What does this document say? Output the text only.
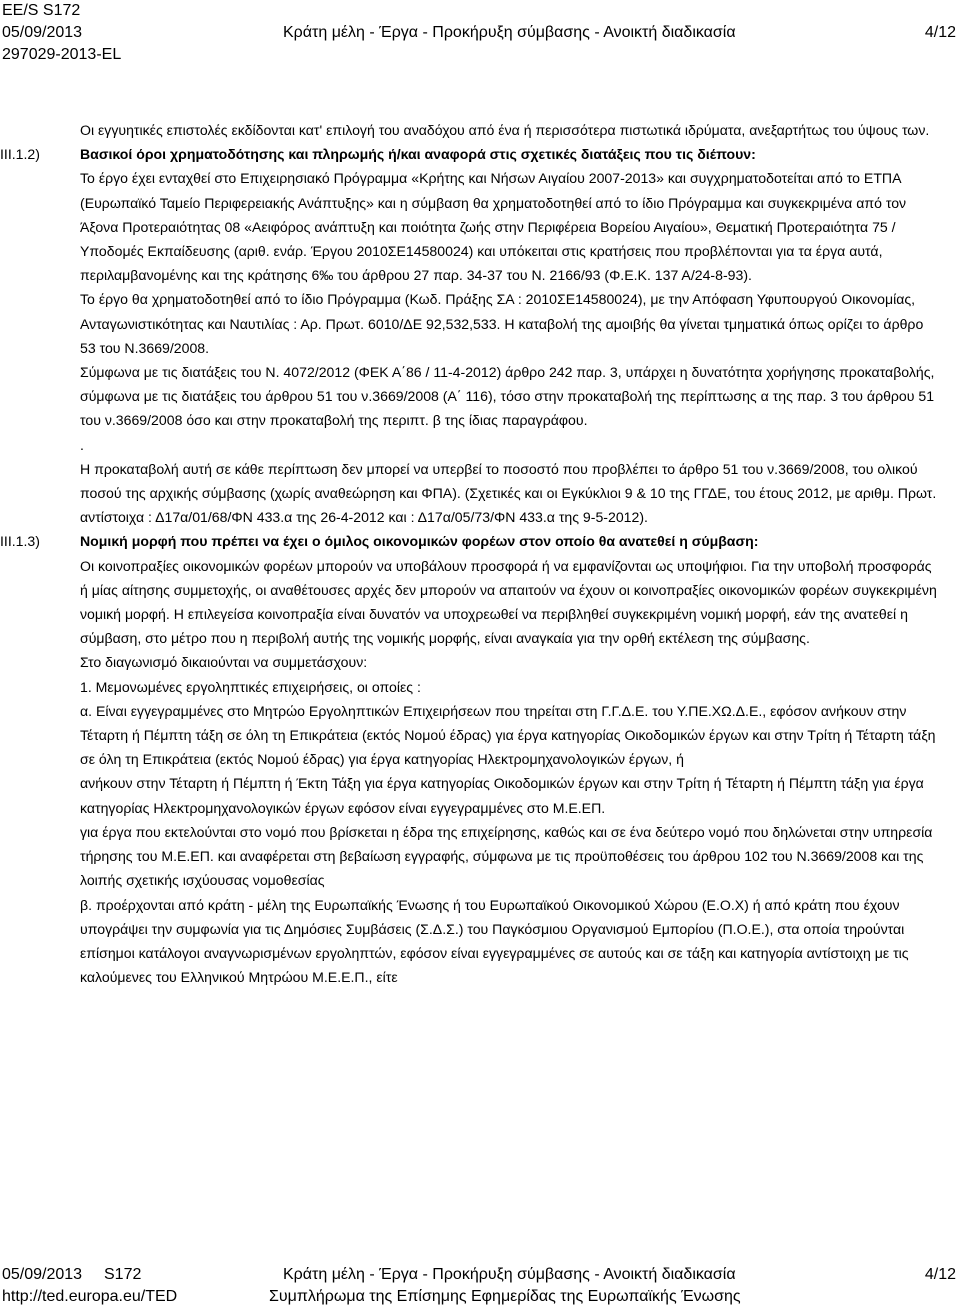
EE/S S172
05/09/2013	Κράτη μέλη - Έργα - Προκήρυξη σύμβασης - Ανοικτή διαδικασία	4/12
297029-2013-EL

Οι εγγυητικές επιστολές εκδίδονται κατ' επιλογή του αναδόχου από ένα ή περισσότερα πιστωτικά ιδρύματα, ανεξαρτήτως του ύψους των.

III.1.2)	Βασικοί όροι χρηματοδότησης και πληρωμής ή/και αναφορά στις σχετικές διατάξεις που τις διέπουν:

Το έργο έχει ενταχθεί στο Επιχειρησιακό Πρόγραμμα «Κρήτης και Νήσων Αιγαίου 2007-2013» και συγχρηματοδοτείται από το ΕΤΠΑ (Ευρωπαϊκό Ταμείο Περιφερειακής Ανάπτυξης» και η σύμβαση θα χρηματοδοτηθεί από το ίδιο Πρόγραμμα και συγκεκριμένα από τον Άξονα Προτεραιότητας 08 «Αειφόρος ανάπτυξη και ποιότητα ζωής στην Περιφέρεια Βορείου Αιγαίου», Θεματική Προτεραιότητα 75 / Υποδομές Εκπαίδευσης (αριθ. ενάρ. Έργου 2010ΣΕ14580024) και υπόκειται στις κρατήσεις που προβλέπονται για τα έργα αυτά, περιλαμβανομένης και της κράτησης 6‰ του άρθρου 27 παρ. 34-37 του Ν. 2166/93 (Φ.Ε.Κ. 137 Α/24-8-93).

Το έργο θα χρηματοδοτηθεί από το ίδιο Πρόγραμμα (Κωδ. Πράξης ΣΑ : 2010ΣΕ14580024), με την Απόφαση Υφυπουργού Οικονομίας, Ανταγωνιστικότητας και Ναυτιλίας : Αρ. Πρωτ. 6010/ΔΕ 92,532,533. Η καταβολή της αμοιβής θα γίνεται τμηματικά όπως ορίζει το άρθρο 53 του Ν.3669/2008.

Σύμφωνα με τις διατάξεις του Ν. 4072/2012 (ΦΕΚ Α΄86 / 11-4-2012) άρθρο 242 παρ. 3, υπάρχει η δυνατότητα χορήγησης προκαταβολής, σύμφωνα με τις διατάξεις του άρθρου 51 του ν.3669/2008 (Α΄ 116), τόσο στην προκαταβολή της περίπτωσης α της παρ. 3 του άρθρου 51 του ν.3669/2008 όσο και στην προκαταβολή της περιπτ. β της ίδιας παραγράφου.

.

Η προκαταβολή αυτή σε κάθε περίπτωση δεν μπορεί να υπερβεί το ποσοστό που προβλέπει το άρθρο 51 του ν.3669/2008, του ολικού ποσού της αρχικής σύμβασης (χωρίς αναθεώρηση και ΦΠΑ). (Σχετικές και οι Εγκύκλιοι 9 & 10 της ΓΓΔΕ, του έτους 2012, με αριθμ. Πρωτ. αντίστοιχα : Δ17α/01/68/ΦΝ 433.α της 26-4-2012 και : Δ17α/05/73/ΦΝ 433.α της 9-5-2012).

III.1.3)	Νομική μορφή που πρέπει να έχει ο όμιλος οικονομικών φορέων στον οποίο θα ανατεθεί η σύμβαση:

Οι κοινοπραξίες οικονομικών φορέων μπορούν να υποβάλουν προσφορά ή να εμφανίζονται ως υποψήφιοι. Για την υποβολή προσφοράς ή μίας αίτησης συμμετοχής, οι αναθέτουσες αρχές δεν μπορούν να απαιτούν να έχουν οι κοινοπραξίες οικονομικών φορέων συγκεκριμένη νομική μορφή. Η επιλεγείσα κοινοπραξία είναι δυνατόν να υποχρεωθεί να περιβληθεί συγκεκριμένη νομική μορφή, εάν της ανατεθεί η σύμβαση, στο μέτρο που η περιβολή αυτής της νομικής μορφής, είναι αναγκαία για την ορθή εκτέλεση της σύμβασης.

Στο διαγωνισμό δικαιούνται να συμμετάσχουν:

1. Μεμονωμένες εργοληπτικές επιχειρήσεις, οι οποίες :

α. Είναι εγγεγραμμένες στο Μητρώο Εργοληπτικών Επιχειρήσεων που τηρείται στη Γ.Γ.Δ.Ε. του Υ.ΠΕ.ΧΩ.Δ.Ε., εφόσον ανήκουν στην Τέταρτη ή Πέμπτη τάξη σε όλη τη Επικράτεια (εκτός Νομού έδρας) για έργα κατηγορίας Οικοδομικών έργων και στην Τρίτη ή Τέταρτη τάξη σε όλη τη Επικράτεια (εκτός Νομού έδρας) για έργα κατηγορίας Ηλεκτρομηχανολογικών έργων, ή

ανήκουν στην Τέταρτη ή Πέμπτη ή Έκτη Τάξη για έργα κατηγορίας Οικοδομικών έργων και στην Τρίτη ή Τέταρτη ή Πέμπτη τάξη για έργα κατηγορίας Ηλεκτρομηχανολογικών έργων εφόσον είναι εγγεγραμμένες στο Μ.Ε.ΕΠ.

για έργα που εκτελούνται στο νομό που βρίσκεται η έδρα της επιχείρησης, καθώς και σε ένα δεύτερο νομό που δηλώνεται στην υπηρεσία τήρησης του Μ.Ε.ΕΠ. και αναφέρεται στη βεβαίωση εγγραφής, σύμφωνα με τις προϋποθέσεις του άρθρου 102 του Ν.3669/2008 και της λοιπής σχετικής ισχύουσας νομοθεσίας

β. προέρχονται από κράτη - μέλη της Ευρωπαϊκής Ένωσης ή του Ευρωπαϊκού Οικονομικού Χώρου (Ε.Ο.Χ) ή από κράτη που έχουν υπογράψει την συμφωνία για τις Δημόσιες Συμβάσεις (Σ.Δ.Σ.) του Παγκόσμιου Οργανισμού Εμπορίου (Π.Ο.Ε.), στα οποία τηρούνται επίσημοι κατάλογοι αναγνωρισμένων εργοληπτών, εφόσον είναι εγγεγραμμένες σε αυτούς και σε τάξη και κατηγορία αντίστοιχη με τις καλούμενες του Ελληνικού Μητρώου Μ.Ε.Ε.Π., είτε

05/09/2013 S172	Κράτη μέλη - Έργα - Προκήρυξη σύμβασης - Ανοικτή διαδικασία	4/12
http://ted.europa.eu/TED	Συμπλήρωμα της Επίσημης Εφημερίδας της Ευρωπαϊκής Ένωσης
